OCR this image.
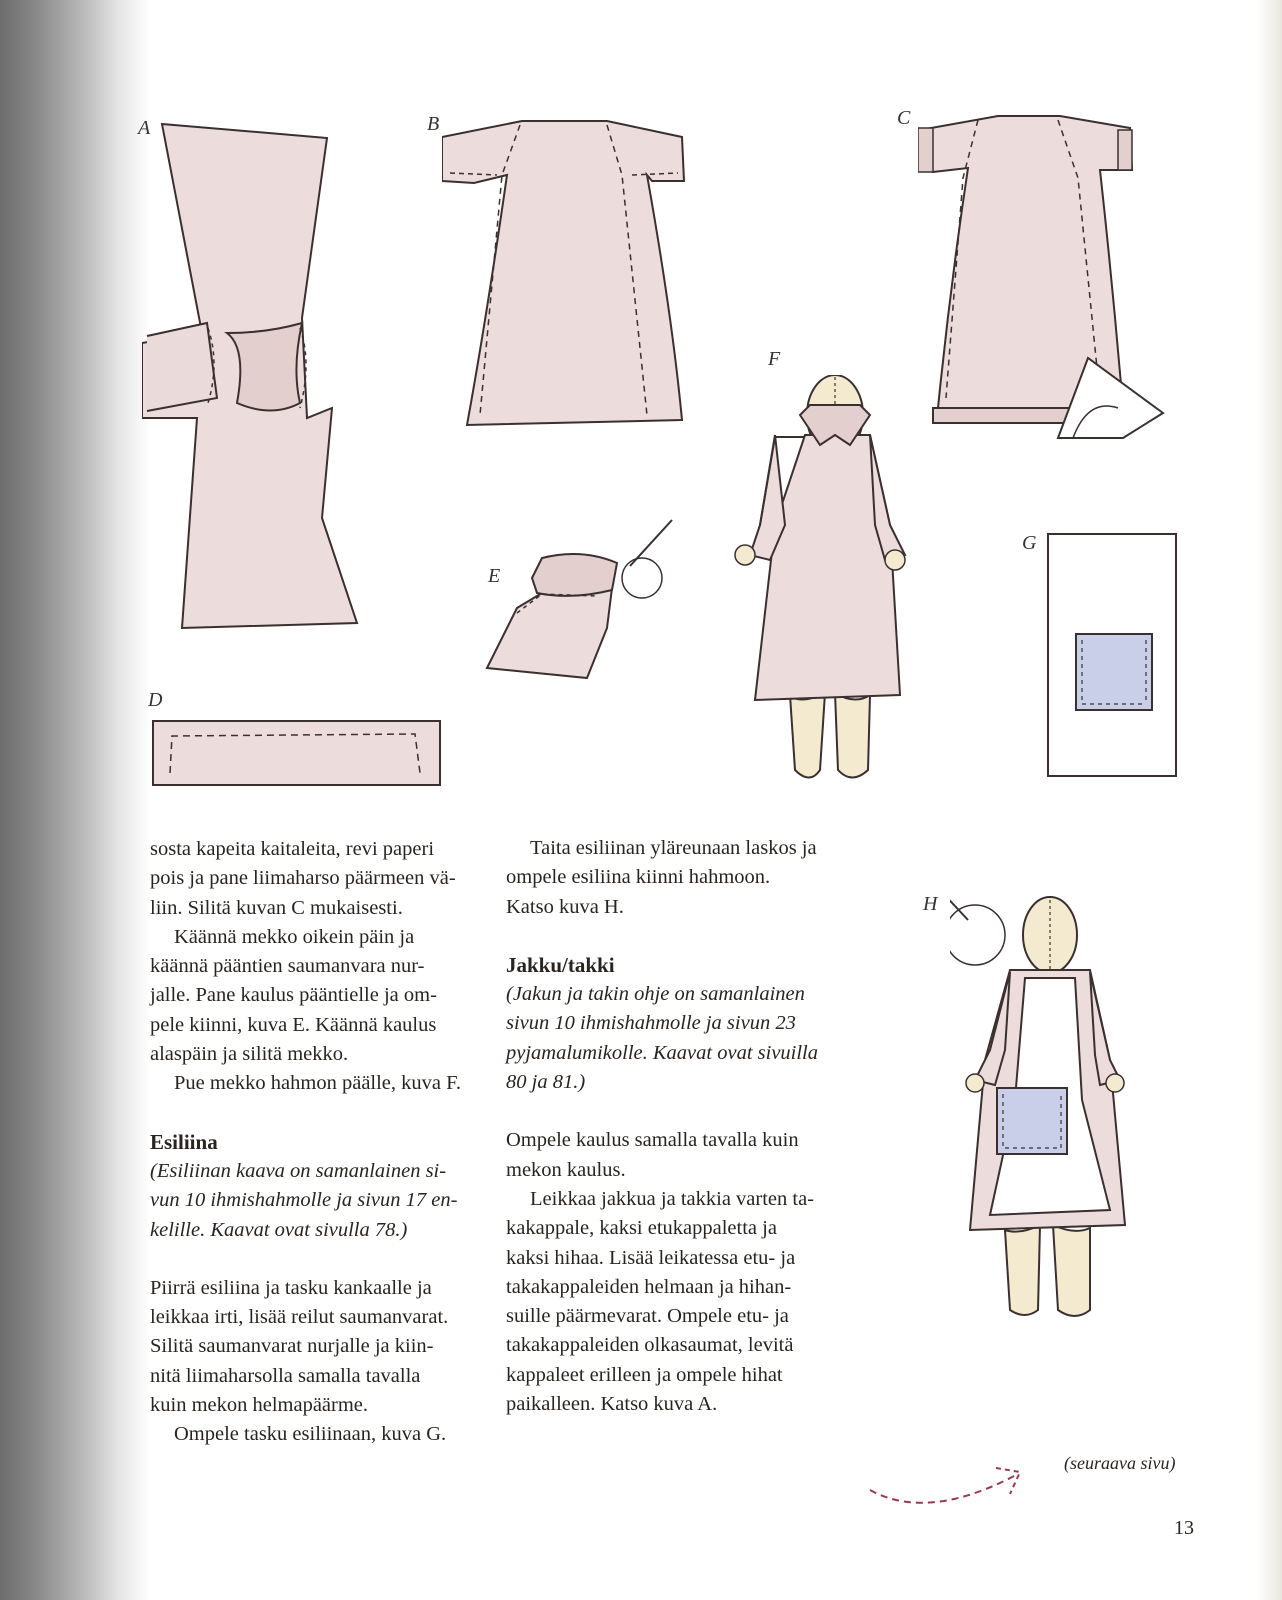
A	B	C
D
E
F
G
H

sosta kapeita kaitaleita, revi paperi

pois ja pane liimaharso päärmeen vä-

liin. Silitä kuvan C mukaisesti.

Käännä mekko oikein päin ja

käännä pääntien saumanvara nur-

jalle. Pane kaulus pääntielle ja om-

pele kiinni, kuva E. Käännä kaulus

alaspäin ja silitä mekko.

Pue mekko hahmon päälle, kuva F.

Esiliina

(Esiliinan kaava on samanlainen si-

vun 10 ihmishahmolle ja sivun 17 en-

kelille. Kaavat ovat sivulla 78.)

Piirrä esiliina ja tasku kankaalle ja

leikkaa irti, lisää reilut saumanvarat.

Silitä saumanvarat nurjalle ja kiin-

nitä liimaharsolla samalla tavalla

kuin mekon helmapäärme.

Ompele tasku esiliinaan, kuva G.

Taita esiliinan yläreunaan laskos ja

ompele esiliina kiinni hahmoon.

Katso kuva H.

Jakku/takki

(Jakun ja takin ohje on samanlainen

sivun 10 ihmishahmolle ja sivun 23

pyjamalumikolle. Kaavat ovat sivuilla

80 ja 81.)

Ompele kaulus samalla tavalla kuin

mekon kaulus.

Leikkaa jakkua ja takkia varten ta-

kakappale, kaksi etukappaletta ja

kaksi hihaa. Lisää leikatessa etu- ja

takakappaleiden helmaan ja hihan-

suille päärmevarat. Ompele etu- ja

takakappaleiden olkasaumat, levitä

kappaleet erilleen ja ompele hihat

paikalleen. Katso kuva A.

(seuraava sivu)
13
